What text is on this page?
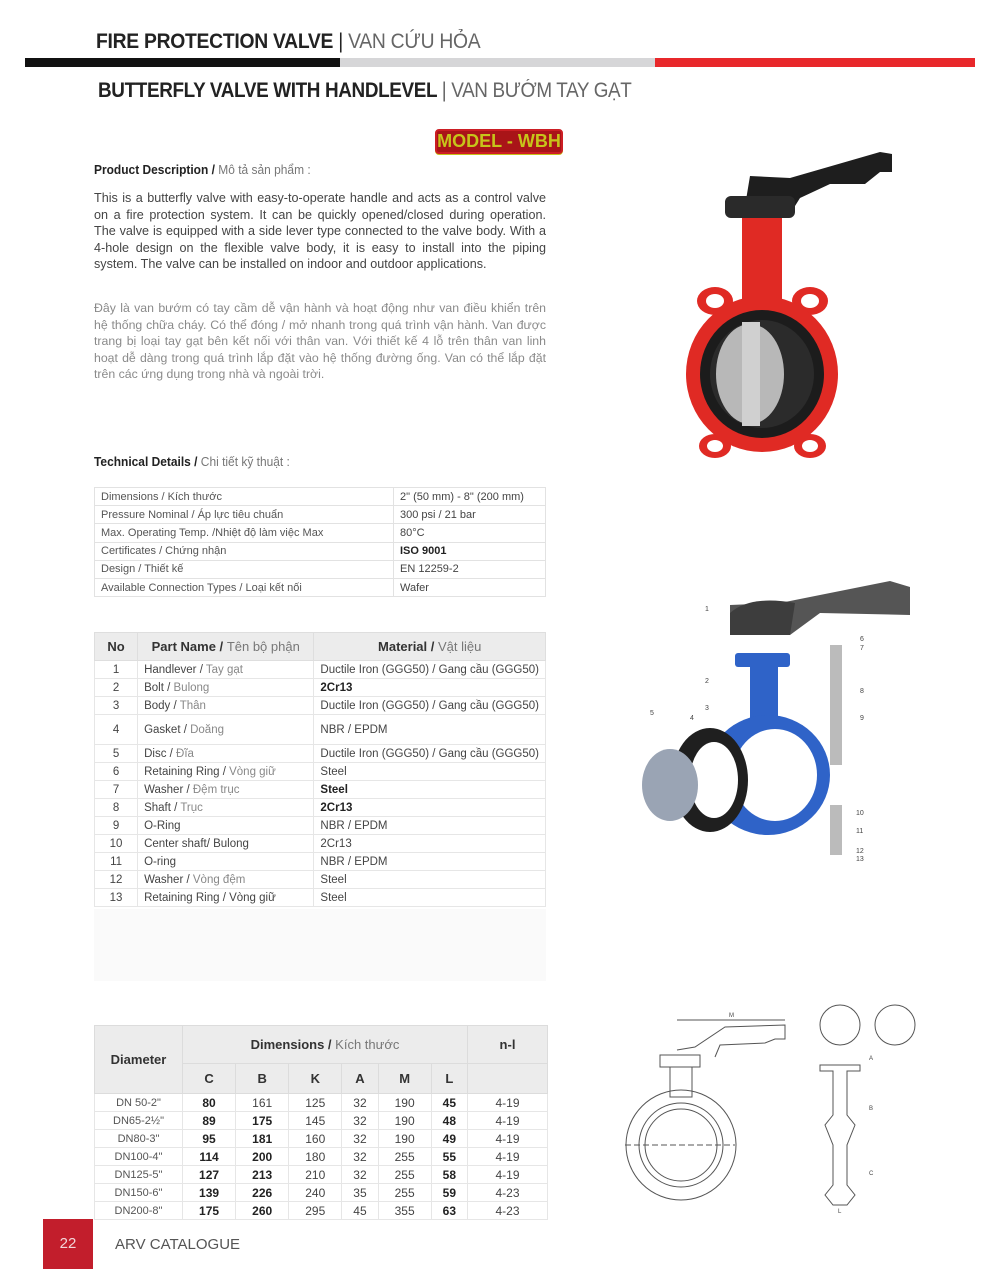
FIRE PROTECTION VALVE | VAN CỨU HỎA
BUTTERFLY VALVE WITH HANDLEVEL | VAN BƯỚM TAY GẠT
MODEL - WBH
Product Description / Mô tả sản phẩm :

This is a butterfly valve with easy-to-operate handle and acts as a control valve on a fire protection system. It can be quickly opened/closed during operation. The valve is equipped with a side lever type connected to the valve body. With a 4-hole design on the flexible valve body, it is easy to install into the piping system. The valve can be installed on indoor and outdoor applications.

Đây là van bướm có tay cầm dễ vận hành và hoạt động như van điều khiển trên hệ thống chữa cháy. Có thể đóng / mở nhanh trong quá trình vận hành. Van được trang bị loại tay gạt bên kết nối với thân van. Với thiết kế 4 lỗ trên thân van linh hoạt dễ dàng trong quá trình lắp đặt vào hệ thống đường ống. Van có thể lắp đặt trên các ứng dụng trong nhà và ngoài trời.

Technical Details / Chi tiết kỹ thuật :
Dimensions / Kích thước	2" (50 mm) - 8" (200 mm)
Pressure Nominal / Áp lực tiêu chuẩn	300 psi / 21 bar
Max. Operating Temp. /Nhiệt độ làm việc Max	80°C
Certificates / Chứng nhận	ISO 9001
Design / Thiết kế	EN 12259-2
Available Connection Types / Loại kết nối	Wafer
No	Part Name / Tên bộ phận	Material / Vật liệu
1	Handlever / Tay gạt	Ductile Iron (GGG50) / Gang cầu (GGG50)
2	Bolt / Bulong	2Cr13
3	Body / Thân	Ductile Iron (GGG50) / Gang cầu (GGG50)
4	Gasket / Doăng	NBR / EPDM
5	Disc / Đĩa	Ductile Iron (GGG50) / Gang cầu (GGG50)
6	Retaining Ring / Vòng giữ	Steel
7	Washer / Đệm trục	Steel
8	Shaft / Trục	2Cr13
9	O-Ring	NBR / EPDM
10	Center shaft/ Bulong	2Cr13
11	O-ring	NBR / EPDM
12	Washer / Vòng đệm	Steel
13	Retaining Ring / Vòng giữ	Steel
Diameter	Dimensions / Kích thước						n-l
	C	B	K	A	M	L	
DN 50-2"	80	161	125	32	190	45	4-19
DN65-2½"	89	175	145	32	190	48	4-19
DN80-3"	95	181	160	32	190	49	4-19
DN100-4"	114	200	180	32	255	55	4-19
DN125-5"	127	213	210	32	255	58	4-19
DN150-6"	139	226	240	35	255	59	4-23
DN200-8"	175	260	295	45	355	63	4-23
1
2
3
4
5
6
7
8
9
10
11
12
13
M
B
C
L
A
22	ARV CATALOGUE
